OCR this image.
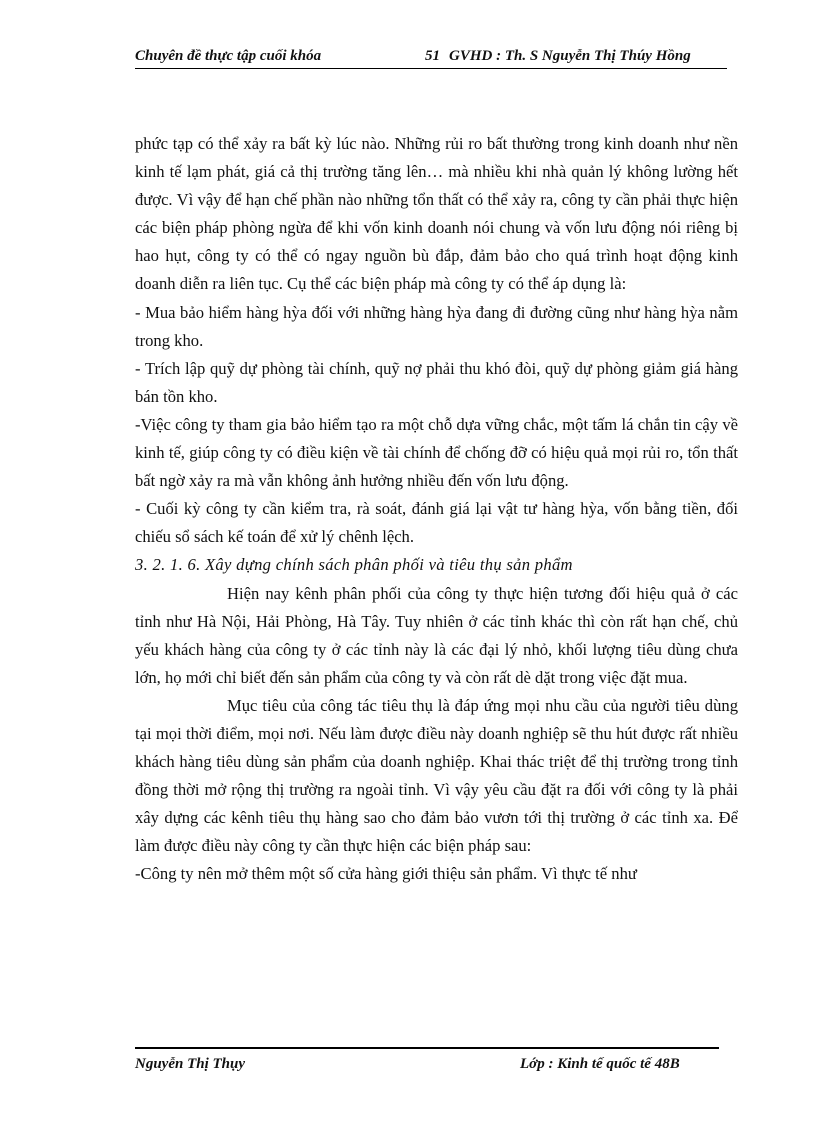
Chuyên đề thực tập cuối khóa	51 GVHD : Th. S Nguyễn Thị Thúy Hồng

phức tạp có thể xảy ra bất kỳ lúc nào. Những rủi ro bất thường trong kinh doanh như nền kinh tế lạm phát, giá cả thị trường tăng lên… mà nhiều khi nhà quản lý không lường hết được. Vì vậy để hạn chế phần nào những tổn thất có thể xảy ra, công ty cần phải thực hiện các biện pháp phòng ngừa để khi vốn kinh doanh nói chung và vốn lưu động nói riêng bị hao hụt, công ty có thể có ngay nguồn bù đắp, đảm bảo cho quá trình hoạt động kinh doanh diễn ra liên tục. Cụ thể các biện pháp mà công ty có thể áp dụng là:

- Mua bảo hiểm hàng hỳa đối với những hàng hỳa đang đi đường cũng như hàng hỳa nằm trong kho.

- Trích lập quỹ dự phòng tài chính, quỹ nợ phải thu khó đòi, quỹ dự phòng giảm giá hàng bán tồn kho.

-Việc công ty tham gia bảo hiểm tạo ra một chỗ dựa vững chắc, một tấm lá chắn tin cậy về kinh tế, giúp công ty có điều kiện về tài chính để chống đỡ có hiệu quả mọi rủi ro, tổn thất bất ngờ xảy ra mà vẫn không ảnh hưởng nhiều đến vốn lưu động.

- Cuối kỳ công ty cần kiểm tra, rà soát, đánh giá lại vật tư hàng hỳa, vốn bằng tiền, đối chiếu sổ sách kế toán để xử lý chênh lệch.

3. 2. 1. 6. Xây dựng chính sách phân phối và tiêu thụ sản phẩm

Hiện nay kênh phân phối của công ty thực hiện tương đối hiệu quả ở các tỉnh như Hà Nội, Hải Phòng, Hà Tây. Tuy nhiên ở các tỉnh khác thì còn rất hạn chế, chủ yếu khách hàng của công ty ở các tỉnh này là các đại lý nhỏ, khối lượng tiêu dùng chưa lớn, họ mới chỉ biết đến sản phẩm của công ty và còn rất dè dặt trong việc đặt mua.

Mục tiêu của công tác tiêu thụ là đáp ứng mọi nhu cầu của người tiêu dùng tại mọi thời điểm, mọi nơi. Nếu làm được điều này doanh nghiệp sẽ thu hút được rất nhiều khách hàng tiêu dùng sản phẩm của doanh nghiệp. Khai thác triệt để thị trường trong tỉnh đồng thời mở rộng thị trường ra ngoài tỉnh. Vì vậy yêu cầu đặt ra đối với công ty là phải xây dựng các kênh tiêu thụ hàng sao cho đảm bảo vươn tới thị trường ở các tỉnh xa. Để làm được điều này công ty cần thực hiện các biện pháp sau:

-Công ty nên mở thêm một số cửa hàng giới thiệu sản phẩm. Vì thực tế như

Nguyễn Thị Thụy	Lớp : Kinh tế quốc tế 48B
